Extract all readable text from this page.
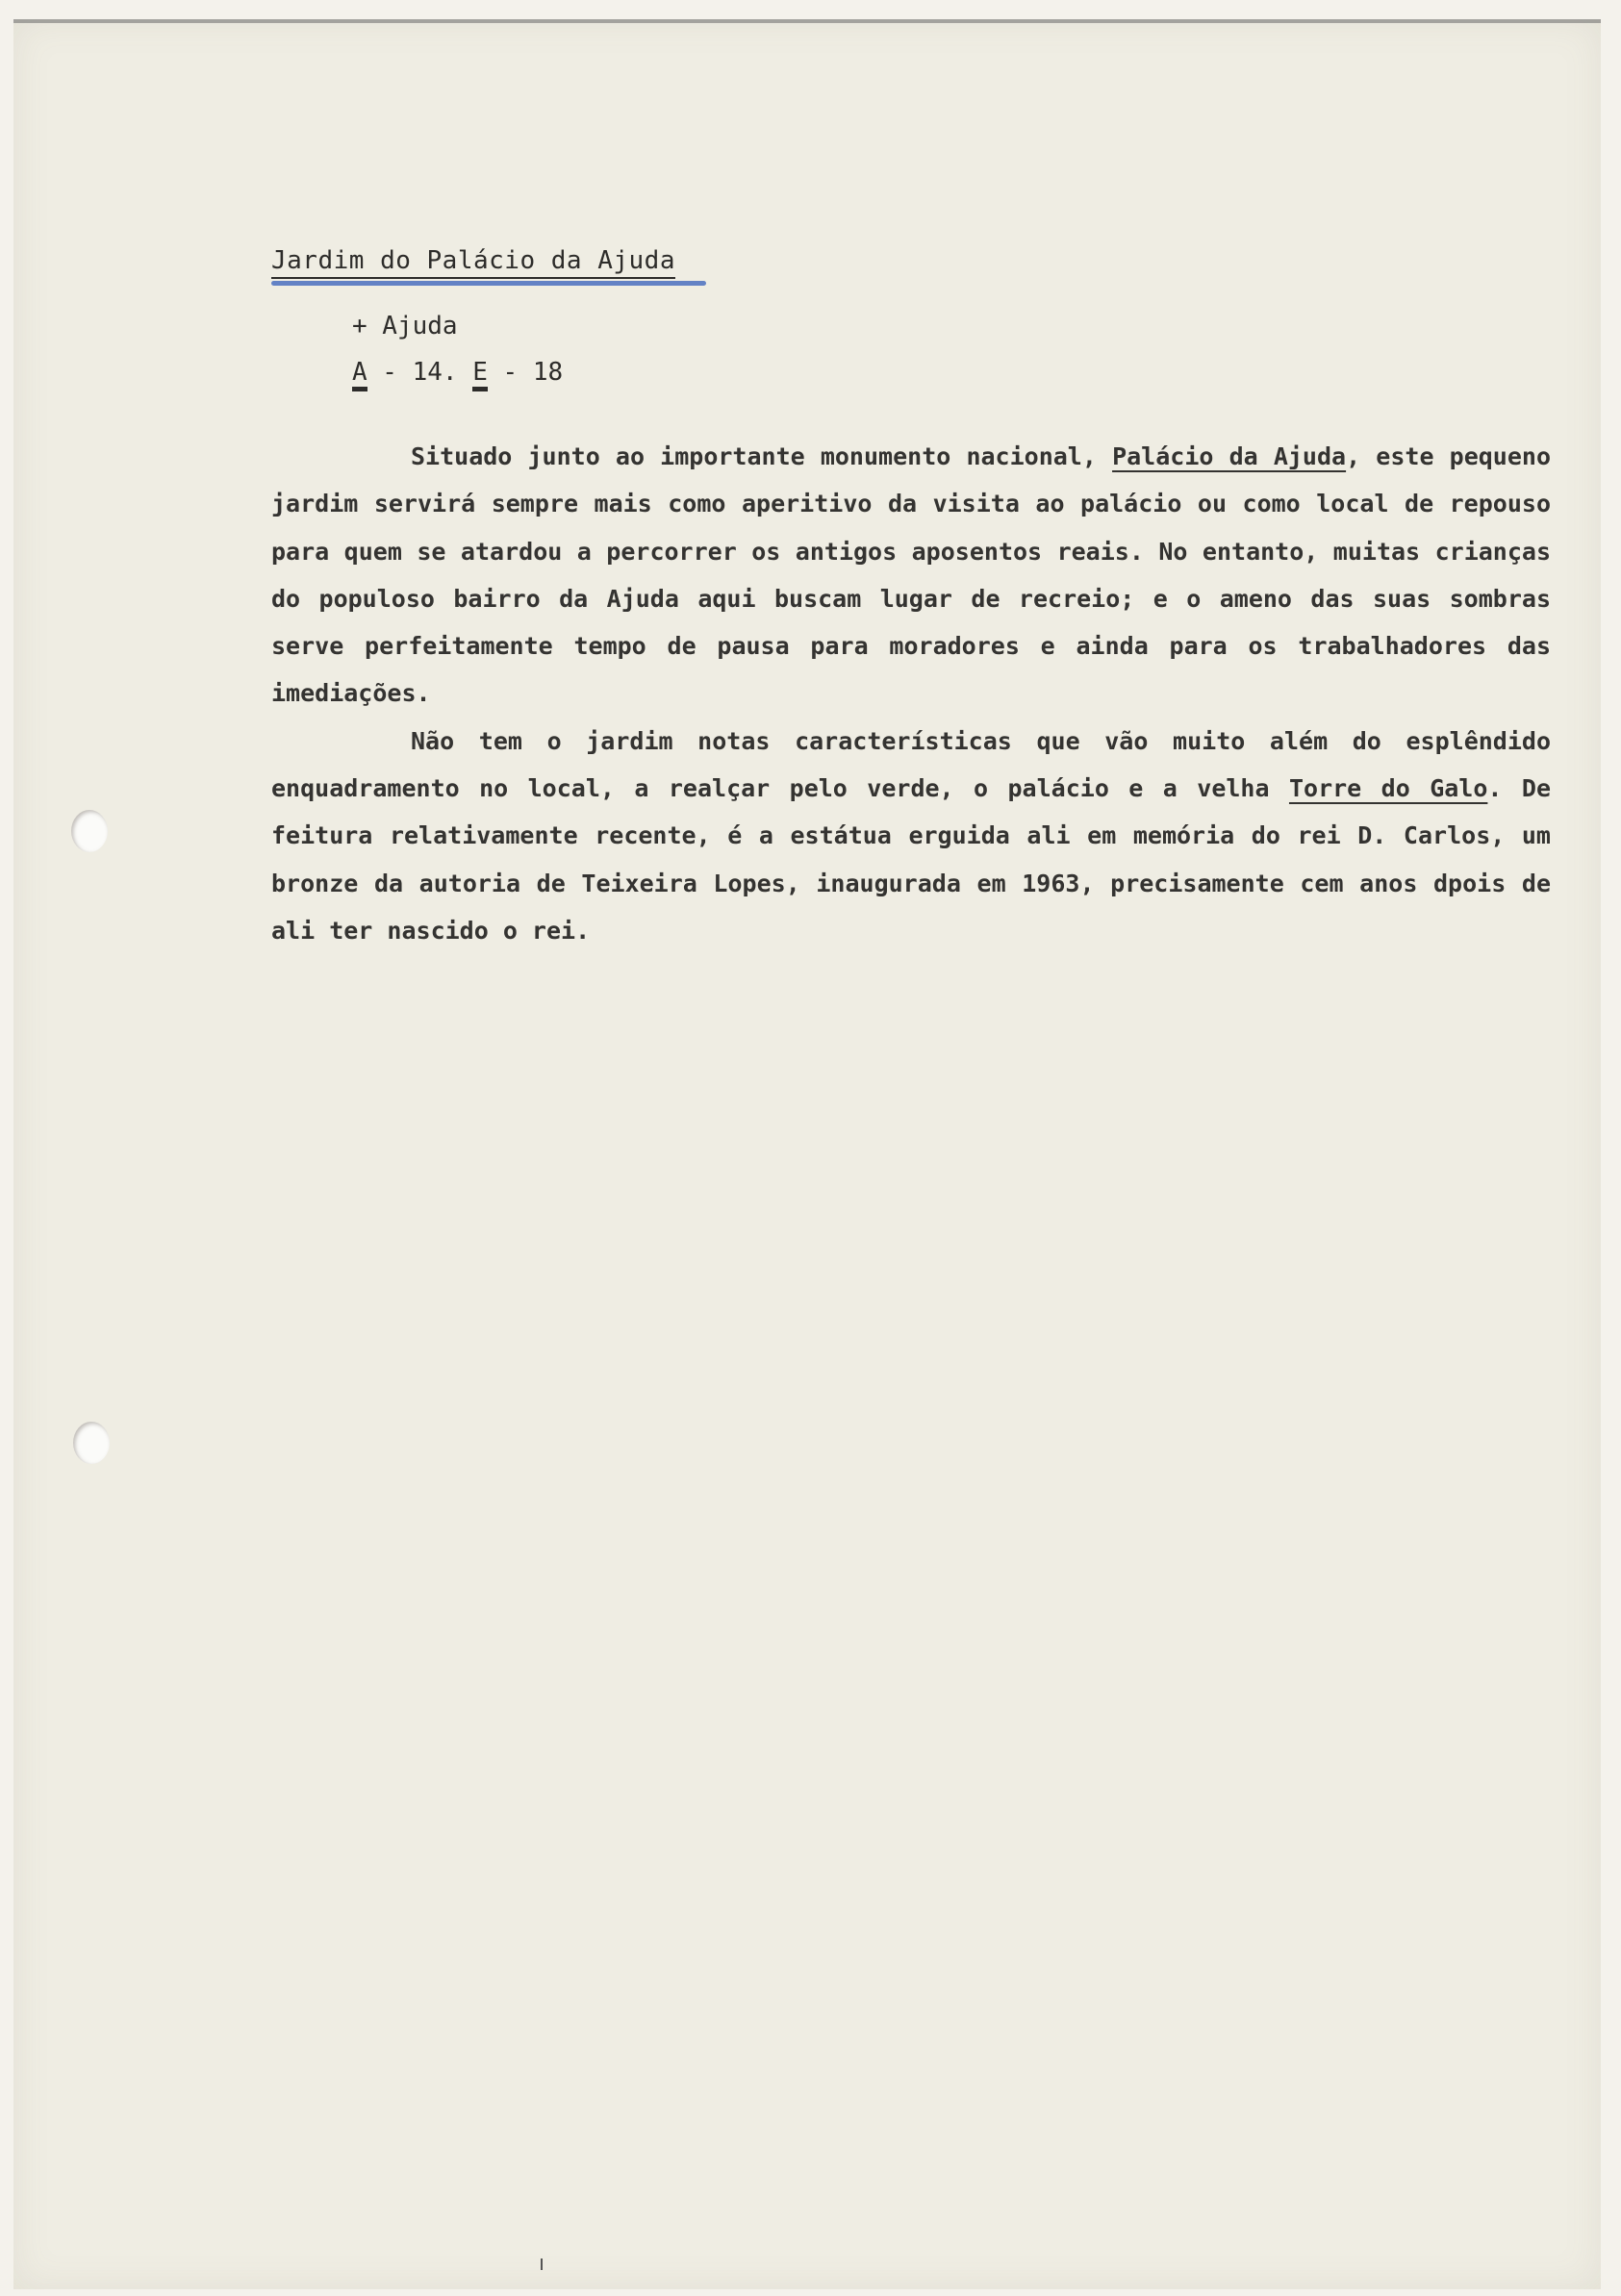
Jardim do Palácio da Ajuda
+ Ajuda
A - 14. E - 18

Situado junto ao importante monumento nacional, Palácio da Ajuda, este pequeno jardim servirá sempre mais como aperitivo da visita ao palácio ou como local de repouso para quem se atardou a percorrer os antigos aposentos reais. No entanto, muitas crianças do populoso bairro da Ajuda aqui buscam lugar de recreio; e o ameno das suas sombras serve perfeitamente tempo de pausa para moradores e ainda para os trabalhadores das imediações.

Não tem o jardim notas características que vão muito além do esplêndido enquadramento no local, a realçar pelo verde, o palácio e a velha Torre do Galo. De feitura relativamente recente, é a estátua erguida ali em memória do rei D. Carlos, um bronze da autoria de Teixeira Lopes, inaugurada em 1963, precisamente cem anos dpois de ali ter nascido o rei.
